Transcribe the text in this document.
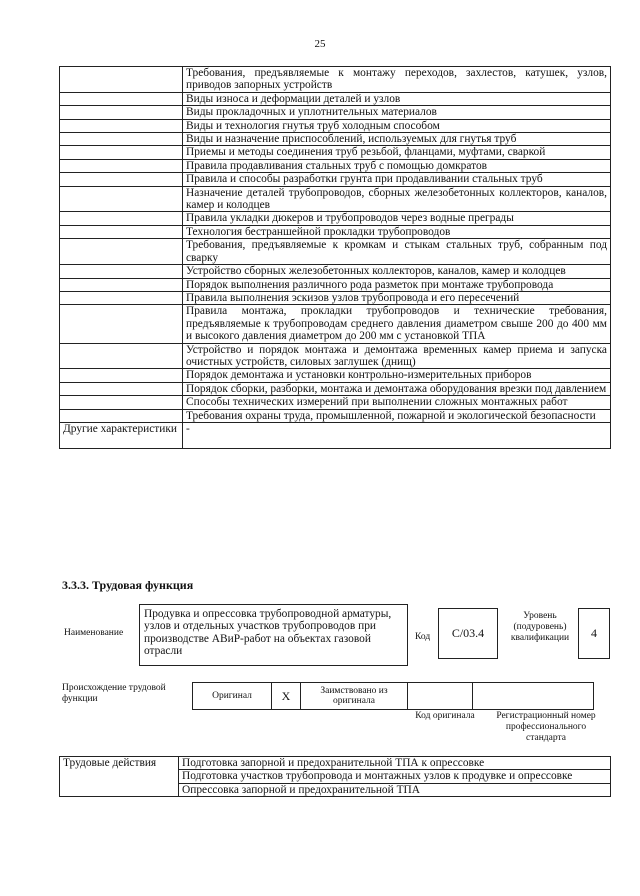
25
	Требования, предъявляемые к монтажу переходов, захлестов, катушек, узлов, приводов запорных устройств
	Виды износа и деформации деталей и узлов
	Виды прокладочных и уплотнительных материалов
	Виды и технология гнутья труб холодным способом
	Виды и назначение приспособлений, используемых для гнутья труб
	Приемы и методы соединения труб резьбой, фланцами, муфтами, сваркой
	Правила продавливания стальных труб с помощью домкратов
	Правила и способы разработки грунта при продавливании стальных труб
	Назначение деталей трубопроводов, сборных железобетонных коллекторов, каналов, камер и колодцев
	Правила укладки дюкеров и трубопроводов через водные преграды
	Технология бестраншейной прокладки трубопроводов
	Требования, предъявляемые к кромкам и стыкам стальных труб, собранным под сварку
	Устройство сборных железобетонных коллекторов, каналов, камер и колодцев
	Порядок выполнения различного рода разметок при монтаже трубопровода
	Правила выполнения эскизов узлов трубопровода и его пересечений
	Правила монтажа, прокладки трубопроводов и технические требования, предъявляемые к трубопроводам среднего давления диаметром свыше 200 до 400 мм и высокого давления диаметром до 200 мм с установкой ТПА
	Устройство и порядок монтажа и демонтажа временных камер приема и запуска очистных устройств, силовых заглушек (днищ)
	Порядок демонтажа и установки контрольно-измерительных приборов
	Порядок сборки, разборки, монтажа и демонтажа оборудования врезки под давлением
	Способы технических измерений при выполнении сложных монтажных работ
	Требования охраны труда, промышленной, пожарной и экологической безопасности
Другие характеристики	-
3.3.3. Трудовая функция
Наименование
Продувка и опрессовка трубопроводной арматуры, узлов и отдельных участков трубопроводов при производстве АВиР-работ на объектах газовой отрасли
Код	C/03.4
Уровень (подуровень) квалификации	4
Происхождение трудовой функции	Оригинал	X	Заимствовано из оригинала		
Код оригинала	Регистрационный номер профессионального стандарта
Трудовые действия	Подготовка запорной и предохранительной ТПА к опрессовке
Подготовка участков трубопровода и монтажных узлов к продувке и опрессовке
Опрессовка запорной и предохранительной ТПА
